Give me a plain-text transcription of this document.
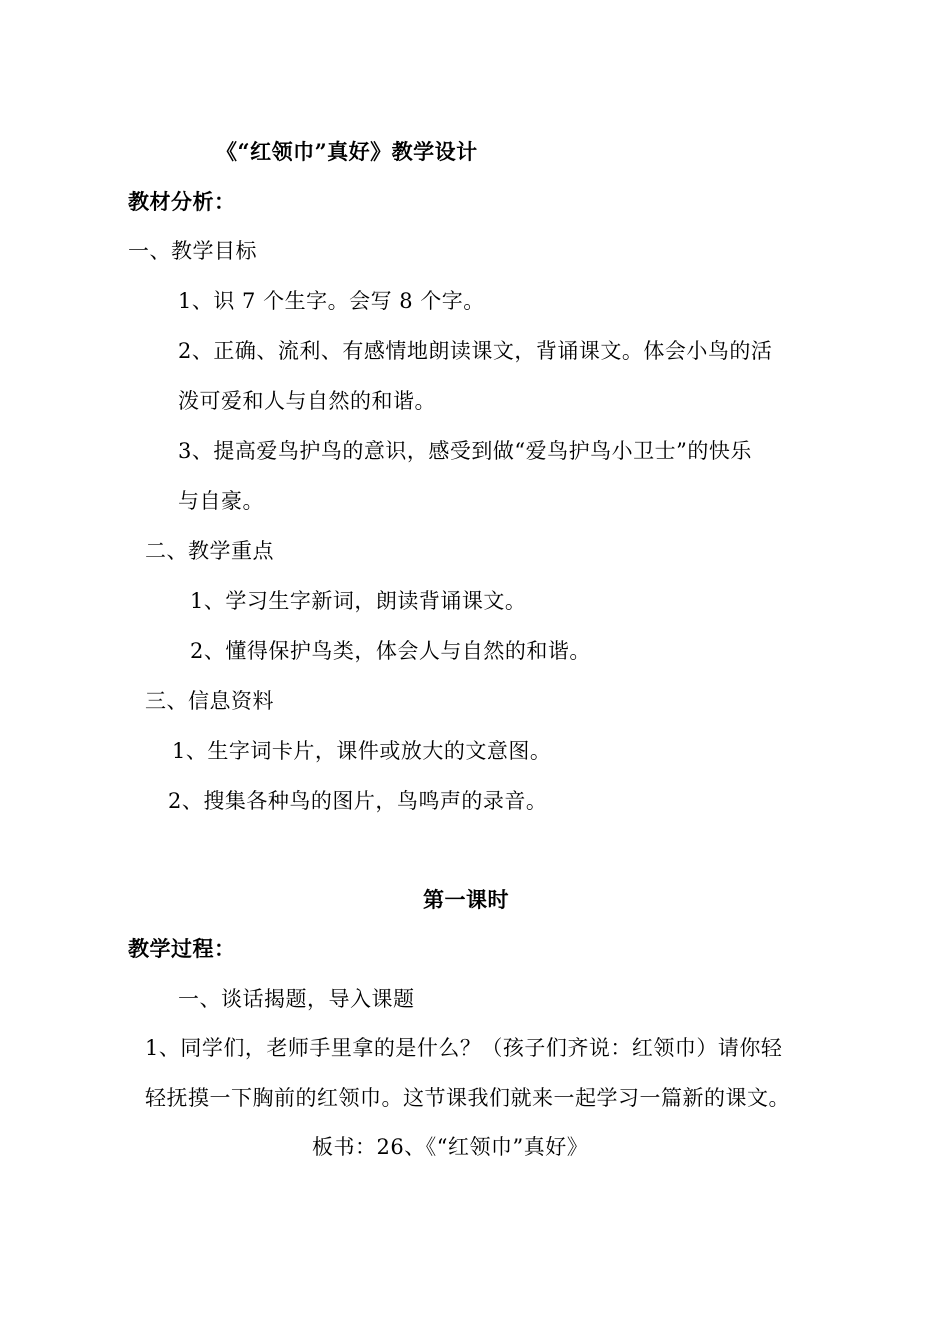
《“红领巾”真好》教学设计
教材分析：
一、教学目标
1、识 7 个生字。会写 8 个字。
2、正确、流利、有感情地朗读课文，背诵课文。体会小鸟的活
泼可爱和人与自然的和谐。
3、提高爱鸟护鸟的意识，感受到做“爱鸟护鸟小卫士”的快乐
与自豪。
二、教学重点
1、学习生字新词，朗读背诵课文。
2、懂得保护鸟类，体会人与自然的和谐。
三、信息资料
1、生字词卡片，课件或放大的文意图。
2、搜集各种鸟的图片，鸟鸣声的录音。
第一课时
教学过程：
一、谈话揭题，导入课题
1、同学们，老师手里拿的是什么？（孩子们齐说：红领巾）请你轻
轻抚摸一下胸前的红领巾。这节课我们就来一起学习一篇新的课文。
板书：26、《“红领巾”真好》
